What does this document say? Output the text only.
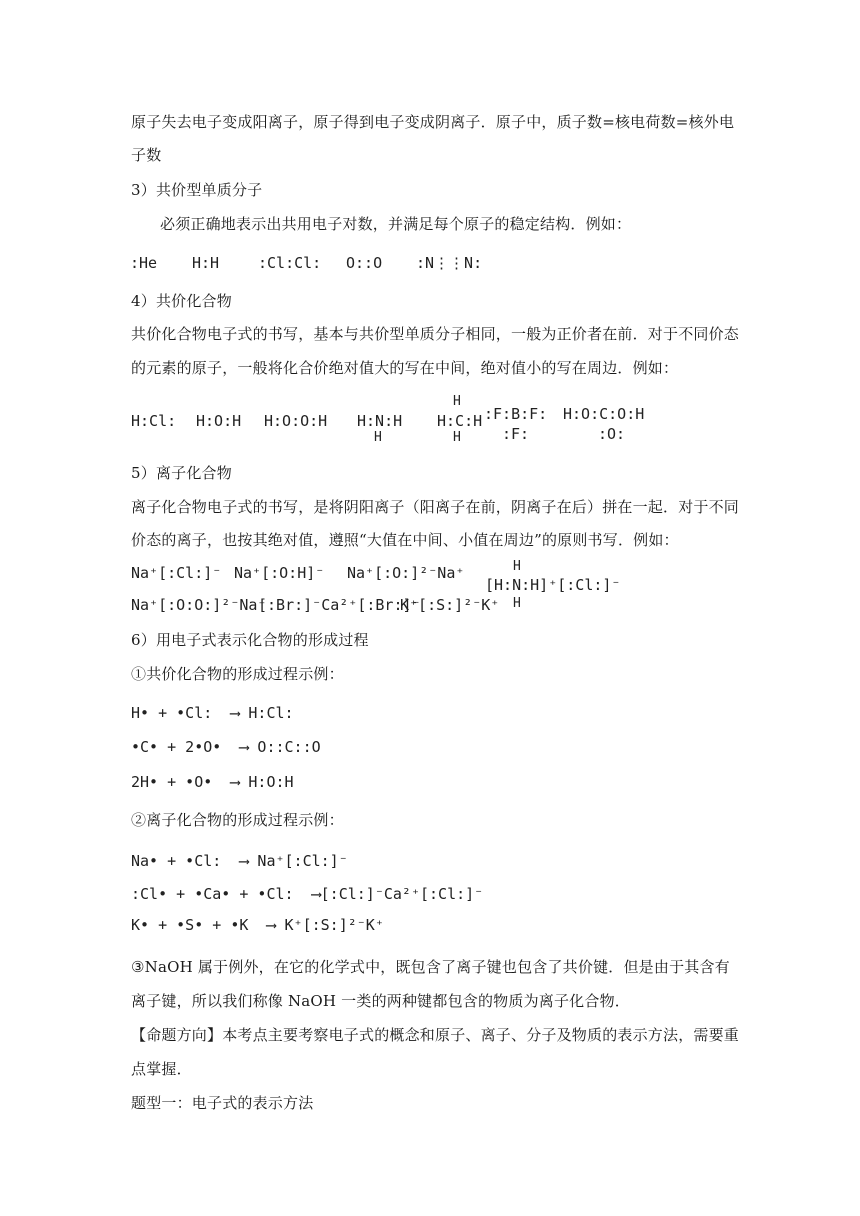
原子失去电子变成阳离子，原子得到电子变成阴离子．原子中，质子数=核电荷数=核外电
子数
3）共价型单质分子
必须正确地表示出共用电子对数，并满足每个原子的稳定结构．例如：
:He H:H	:Cl:Cl: O::O :N⋮⋮N:
4）共价化合物
共价化合物电子式的书写，基本与共价型单质分子相同，一般为正价者在前．对于不同价态
的元素的原子，一般将化合价绝对值大的写在中间，绝对值小的写在周边．例如：
H:Cl: H:O:H H:O:O:H H:N:H
H
H
H:C:H
H
:F:B:F:
:F:
H:O:C:O:H
:O:
5）离子化合物
离子化合物电子式的书写，是将阴阳离子（阳离子在前，阴离子在后）拼在一起．对于不同
价态的离子，也按其绝对值，遵照“大值在中间、小值在周边”的原则书写．例如：
Na⁺[:Cl:]⁻ Na⁺[:O:H]⁻ Na⁺[:O:]²⁻Na⁺
Na⁺[:O:O:]²⁻Na⁺
[:Br:]⁻Ca²⁺[:Br:]⁻
K⁺[:S:]²⁻K⁺
H
[H:N:H]⁺[:Cl:]⁻
H
6）用电子式表示化合物的形成过程
①共价化合物的形成过程示例：
H• + •Cl:  ⟶ H:Cl:
•C• + 2•O•  ⟶ O::C::O
2H• + •O•  ⟶ H:O:H
②离子化合物的形成过程示例：
Na• + •Cl:  ⟶ Na⁺[:Cl:]⁻
:Cl• + •Ca• + •Cl:  ⟶[:Cl:]⁻Ca²⁺[:Cl:]⁻
K• + •S• + •K  ⟶ K⁺[:S:]²⁻K⁺
③NaOH 属于例外，在它的化学式中，既包含了离子键也包含了共价键．但是由于其含有
离子键，所以我们称像 NaOH 一类的两种键都包含的物质为离子化合物．
【命题方向】本考点主要考察电子式的概念和原子、离子、分子及物质的表示方法，需要重
点掌握．
题型一：电子式的表示方法
